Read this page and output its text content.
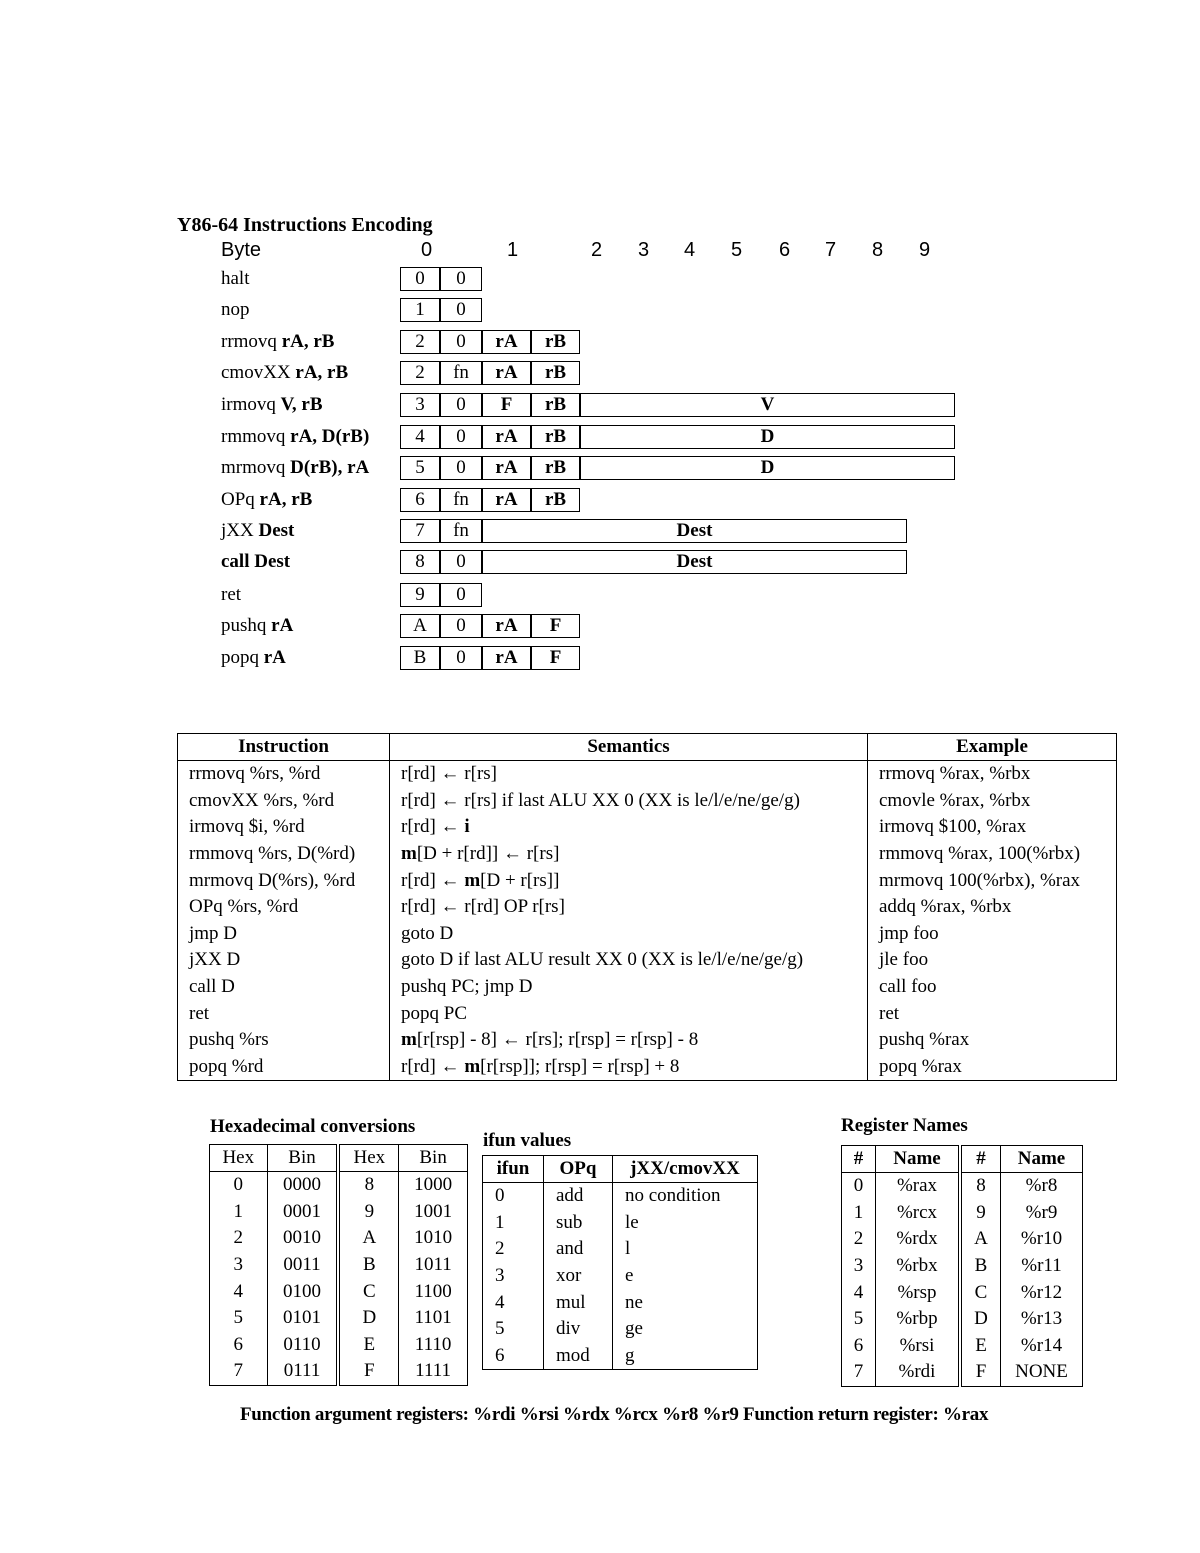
Y86-64 Instructions Encoding
Byte	0	1	2 3 4 5 6 7 8 9
halt	0	0
nop	1	0
rrmovq rA, rB	2	0	rA	rB
cmovXX rA, rB	2	fn	rA	rB
irmovq V, rB	3	0	F	rB	V
rmmovq rA, D(rB)	4	0	rA	rB	D
mrmovq D(rB), rA	5	0	rA	rB	D
OPq rA, rB	6	fn	rA	rB
jXX Dest	7	fn	Dest
call Dest	8	0	Dest
ret	9	0
pushq rA	A	0	rA	F
popq rA	B	0	rA	F
Instruction	Semantics	Example
rrmovq %rs, %rd	r[rd] ← r[rs]	rrmovq %rax, %rbx
cmovXX %rs, %rd	r[rd] ← r[rs] if last ALU XX 0 (XX is le/l/e/ne/ge/g)	cmovle %rax, %rbx
irmovq $i, %rd	r[rd] ← i	irmovq $100, %rax
rmmovq %rs, D(%rd)	m[D + r[rd]] ← r[rs]	rmmovq %rax, 100(%rbx)
mrmovq D(%rs), %rd	r[rd] ← m[D + r[rs]]	mrmovq 100(%rbx), %rax
OPq %rs, %rd	r[rd] ← r[rd] OP r[rs]	addq %rax, %rbx
jmp D	goto D	jmp foo
jXX D	goto D if last ALU result XX 0 (XX is le/l/e/ne/ge/g)	jle foo
call D	pushq PC; jmp D	call foo
ret	popq PC	ret
pushq %rs	m[r[rsp] - 8] ← r[rs]; r[rsp] = r[rsp] - 8	pushq %rax
popq %rd	r[rd] ← m[r[rsp]]; r[rsp] = r[rsp] + 8	popq %rax
Hexadecimal conversions
Hex	Bin	Hex	Bin
0	0000	8	1000
1	0001	9	1001
2	0010	A	1010
3	0011	B	1011
4	0100	C	1100
5	0101	D	1101
6	0110	E	1110
7	0111	F	1111
ifun values
ifun	OPq	jXX/cmovXX
0	add	no condition
1	sub	le
2	and	l
3	xor	e
4	mul	ne
5	div	ge
6	mod	g
Register Names
#	Name	#	Name
0	%rax	8	%r8
1	%rcx	9	%r9
2	%rdx	A	%r10
3	%rbx	B	%r11
4	%rsp	C	%r12
5	%rbp	D	%r13
6	%rsi	E	%r14
7	%rdi	F	NONE
Function argument registers: %rdi %rsi %rdx %rcx %r8 %r9 Function return register: %rax
